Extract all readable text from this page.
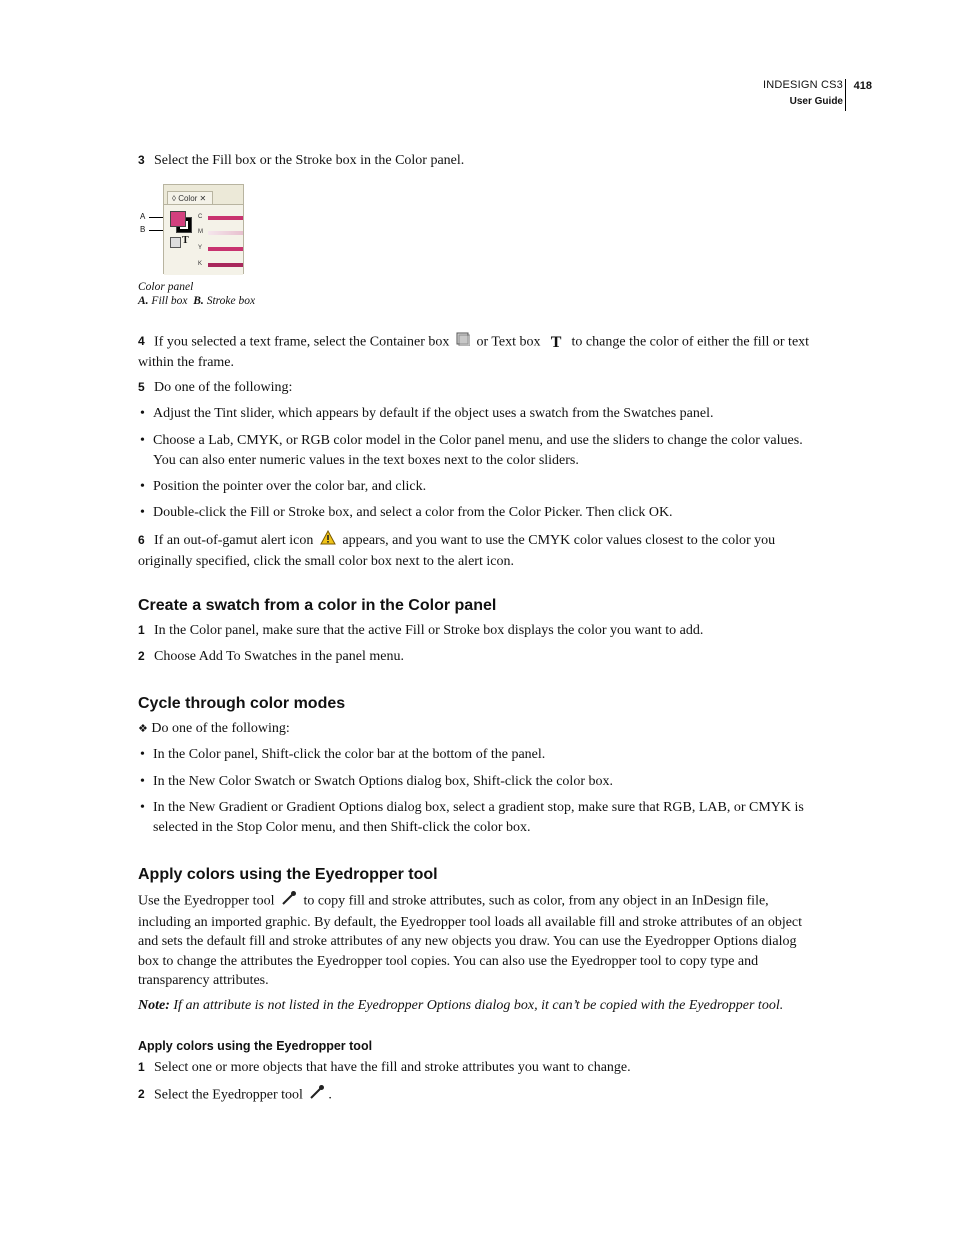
INDESIGN CS3
User Guide
418

3 Select the Fill box or the Stroke box in the Color panel.

A
B
◊ Color ✕
T
C
M
Y
K
Color panel
A. Fill box B. Stroke box

4 If you selected a text frame, select the Container box or Text box T to change the color of either the fill or text within the frame.

5 Do one of the following:

• Adjust the Tint slider, which appears by default if the object uses a swatch from the Swatches panel.
• Choose a Lab, CMYK, or RGB color model in the Color panel menu, and use the sliders to change the color values. You can also enter numeric values in the text boxes next to the color sliders.
• Position the pointer over the color bar, and click.
• Double-click the Fill or Stroke box, and select a color from the Color Picker. Then click OK.

6 If an out-of-gamut alert icon appears, and you want to use the CMYK color values closest to the color you originally specified, click the small color box next to the alert icon.

Create a swatch from a color in the Color panel

1 In the Color panel, make sure that the active Fill or Stroke box displays the color you want to add.

2 Choose Add To Swatches in the panel menu.

Cycle through color modes

❖ Do one of the following:

• In the Color panel, Shift-click the color bar at the bottom of the panel.
• In the New Color Swatch or Swatch Options dialog box, Shift-click the color box.
• In the New Gradient or Gradient Options dialog box, select a gradient stop, make sure that RGB, LAB, or CMYK is selected in the Stop Color menu, and then Shift-click the color box.
Apply colors using the Eyedropper tool

Use the Eyedropper tool to copy fill and stroke attributes, such as color, from any object in an InDesign file, including an imported graphic. By default, the Eyedropper tool loads all available fill and stroke attributes of an object and sets the default fill and stroke attributes of any new objects you draw. You can use the Eyedropper Options dialog box to change the attributes the Eyedropper tool copies. You can also use the Eyedropper tool to copy type and transparency attributes.

Note: If an attribute is not listed in the Eyedropper Options dialog box, it can’t be copied with the Eyedropper tool.

Apply colors using the Eyedropper tool

1 Select one or more objects that have the fill and stroke attributes you want to change.

2 Select the Eyedropper tool .
